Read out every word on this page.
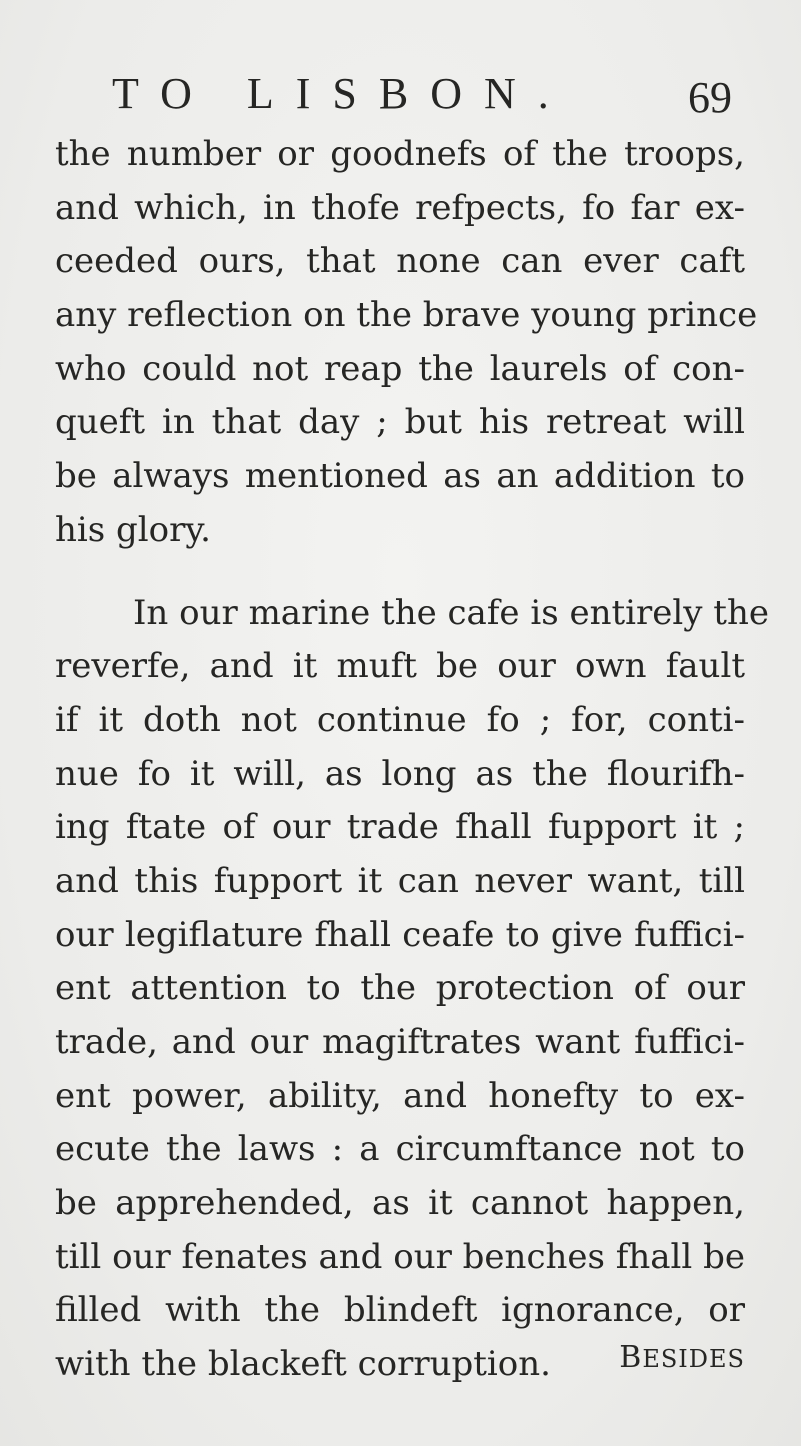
TO LISBON.	69
the number or goodnefs of the troops,
and which, in thofe refpects, fo far ex-
ceeded ours, that none can ever caft
any reflection on the brave young prince
who could not reap the laurels of con-
queft in that day ; but his retreat will
be always mentioned as an addition to
his glory.
In our marine the cafe is entirely the
reverfe, and it muft be our own fault
if it doth not continue fo ; for, conti-
nue fo it will, as long as the flourifh-
ing ftate of our trade fhall fupport it ;
and this fupport it can never want, till
our legiflature fhall ceafe to give fuffici-
ent attention to the protection of our
trade, and our magiftrates want fuffici-
ent power, ability, and honefty to ex-
ecute the laws : a circumftance not to
be apprehended, as it cannot happen,
till our fenates and our benches fhall be
filled with the blindeft ignorance, or
with the blackeft corruption.	BESIDES
